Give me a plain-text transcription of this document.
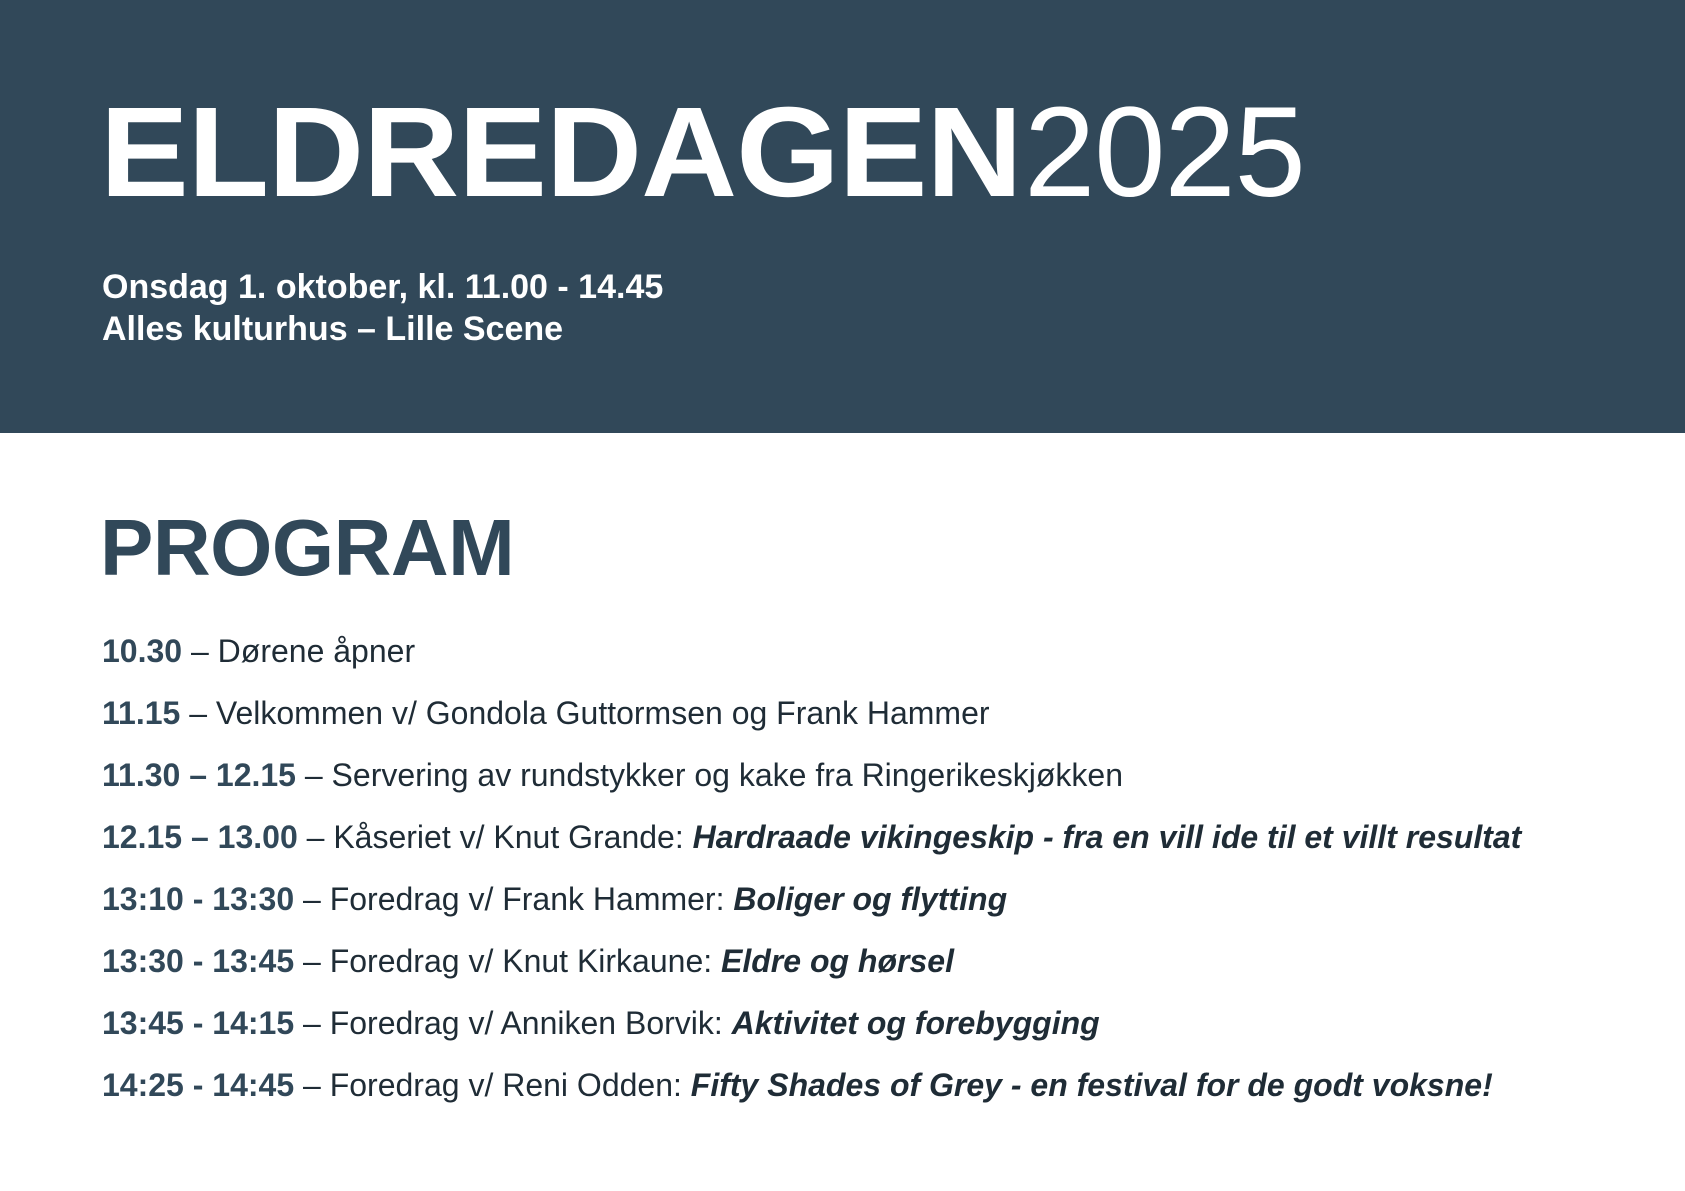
ELDREDAGEN2025
Onsdag 1. oktober, kl. 11.00 - 14.45
Alles kulturhus – Lille Scene
PROGRAM
10.30 – Dørene åpner
11.15 – Velkommen v/ Gondola Guttormsen og Frank Hammer
11.30 – 12.15 – Servering av rundstykker og kake fra Ringerikeskjøkken
12.15 – 13.00 – Kåseriet v/ Knut Grande: Hardraade vikingeskip - fra en vill ide til et villt resultat
13:10 - 13:30 – Foredrag v/ Frank Hammer: Boliger og flytting
13:30 - 13:45 – Foredrag v/ Knut Kirkaune: Eldre og hørsel
13:45 - 14:15 – Foredrag v/ Anniken Borvik: Aktivitet og forebygging
14:25 - 14:45 – Foredrag v/ Reni Odden: Fifty Shades of Grey - en festival for de godt voksne!
